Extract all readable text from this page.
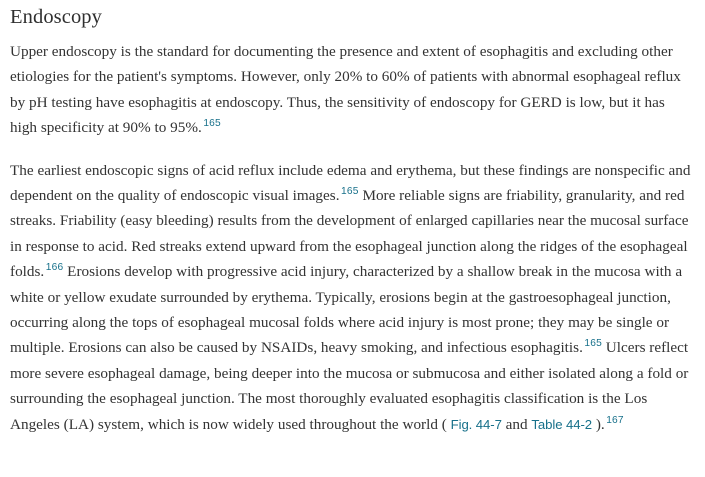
Endoscopy

Upper endoscopy is the standard for documenting the presence and extent of esophagitis and excluding other etiologies for the patient's symptoms. However, only 20% to 60% of patients with abnormal esophageal reflux by pH testing have esophagitis at endoscopy. Thus, the sensitivity of endoscopy for GERD is low, but it has high specificity at 90% to 95%. $^{165}$

The earliest endoscopic signs of acid reflux include edema and erythema, but these findings are nonspecific and dependent on the quality of endoscopic visual images. $^{165}$ More reliable signs are friability, granularity, and red streaks. Friability (easy bleeding) results from the development of enlarged capillaries near the mucosal surface in response to acid. Red streaks extend upward from the esophageal junction along the ridges of the esophageal folds. $^{166}$ Erosions develop with progressive acid injury, characterized by a shallow break in the mucosa with a white or yellow exudate surrounded by erythema. Typically, erosions begin at the gastroesophageal junction, occurring along the tops of esophageal mucosal folds where acid injury is most prone; they may be single or multiple. Erosions can also be caused by NSAIDs, heavy smoking, and infectious esophagitis. $^{165}$ Ulcers reflect more severe esophageal damage, being deeper into the mucosa or submucosa and either isolated along a fold or surrounding the esophageal junction. The most thoroughly evaluated esophagitis classification is the Los Angeles (LA) system, which is now widely used throughout the world ( Fig. 44-7 and Table 44-2 ). $^{167}$
